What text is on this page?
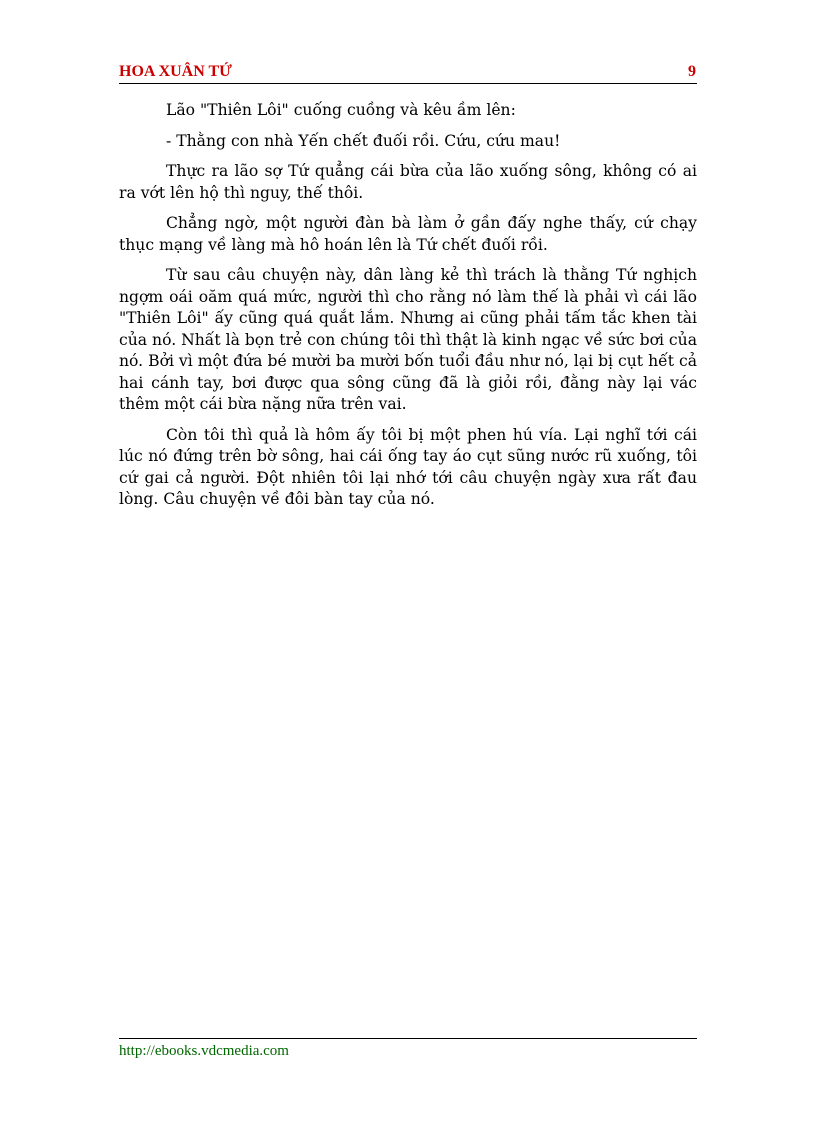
HOA XUÂN TỨ	9

Lão "Thiên Lôi" cuống cuồng và kêu ầm lên:

- Thằng con nhà Yến chết đuối rồi. Cứu, cứu mau!

Thực ra lão sợ Tứ quẳng cái bừa của lão xuống sông, không có ai ra vớt lên hộ thì nguy, thế thôi.

Chẳng ngờ, một người đàn bà làm ở gần đấy nghe thấy, cứ chạy thục mạng về làng mà hô hoán lên là Tứ chết đuối rồi.

Từ sau câu chuyện này, dân làng kẻ thì trách là thằng Tứ nghịch ngợm oái oăm quá mức, người thì cho rằng nó làm thế là phải vì cái lão "Thiên Lôi" ấy cũng quá quắt lắm. Nhưng ai cũng phải tấm tắc khen tài của nó. Nhất là bọn trẻ con chúng tôi thì thật là kinh ngạc về sức bơi của nó. Bởi vì một đứa bé mười ba mười bốn tuổi đầu như nó, lại bị cụt hết cả hai cánh tay, bơi được qua sông cũng đã là giỏi rồi, đằng này lại vác thêm một cái bừa nặng nữa trên vai.

Còn tôi thì quả là hôm ấy tôi bị một phen hú vía. Lại nghĩ tới cái lúc nó đứng trên bờ sông, hai cái ống tay áo cụt sũng nước rũ xuống, tôi cứ gai cả người. Đột nhiên tôi lại nhớ tới câu chuyện ngày xưa rất đau lòng. Câu chuyện về đôi bàn tay của nó.

http://ebooks.vdcmedia.com
